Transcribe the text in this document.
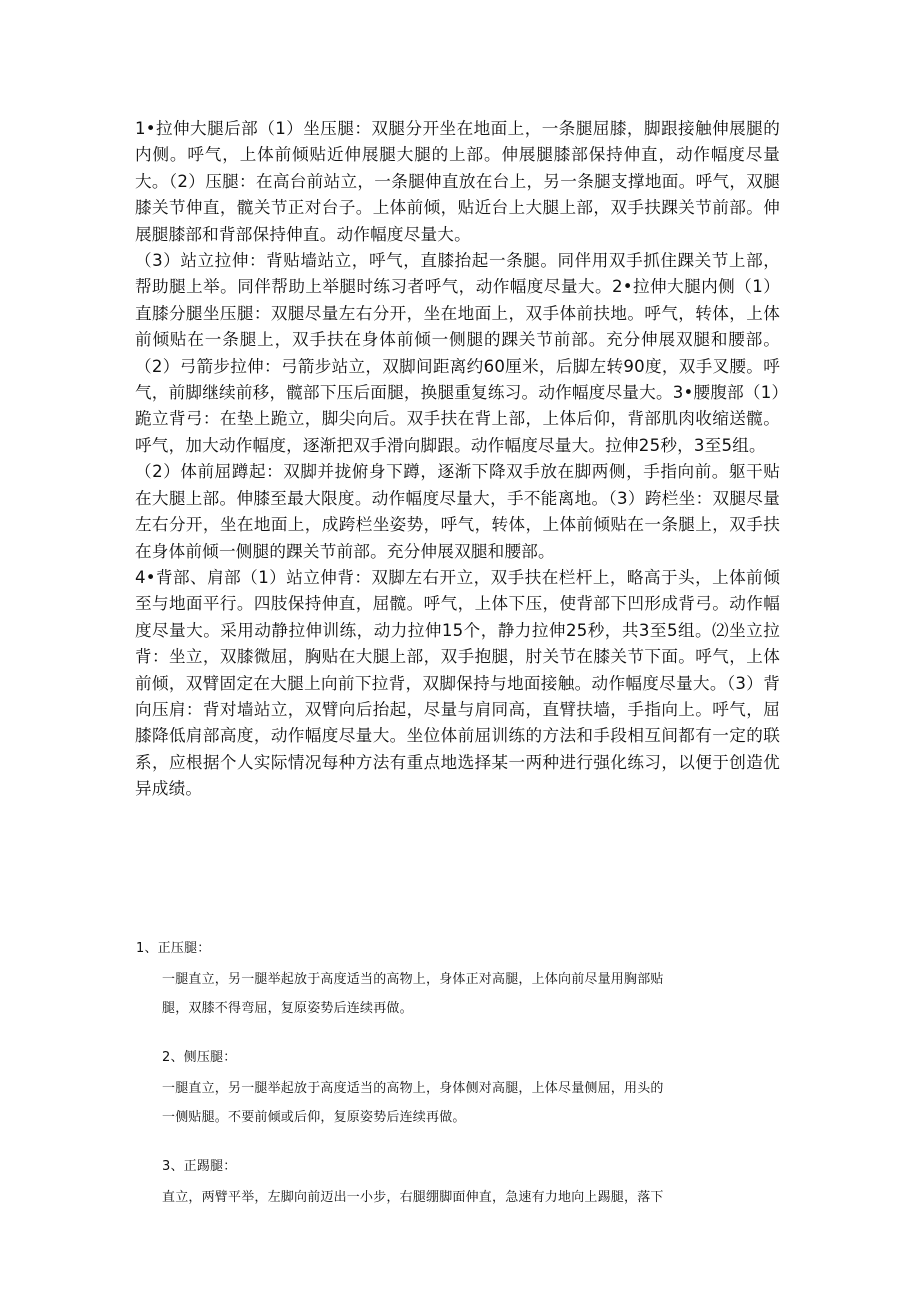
1•拉伸大腿后部（1）坐压腿：双腿分开坐在地面上，一条腿屈膝，脚跟接触伸展腿的内侧。呼气，上体前倾贴近伸展腿大腿的上部。伸展腿膝部保持伸直，动作幅度尽量大。（2）压腿：在高台前站立，一条腿伸直放在台上，另一条腿支撑地面。呼气，双腿膝关节伸直，髋关节正对台子。上体前倾，贴近台上大腿上部，双手扶踝关节前部。伸展腿膝部和背部保持伸直。动作幅度尽量大。

（3）站立拉伸：背贴墙站立，呼气，直膝抬起一条腿。同伴用双手抓住踝关节上部，帮助腿上举。同伴帮助上举腿时练习者呼气，动作幅度尽量大。2•拉伸大腿内侧（1）直膝分腿坐压腿：双腿尽量左右分开，坐在地面上，双手体前扶地。呼气，转体，上体前倾贴在一条腿上，双手扶在身体前倾一侧腿的踝关节前部。充分伸展双腿和腰部。（2）弓箭步拉伸：弓箭步站立，双脚间距离约60厘米，后脚左转90度，双手叉腰。呼气，前脚继续前移，髋部下压后面腿，换腿重复练习。动作幅度尽量大。3•腰腹部（1）跪立背弓：在垫上跪立，脚尖向后。双手扶在背上部，上体后仰，背部肌肉收缩送髋。呼气，加大动作幅度，逐渐把双手滑向脚跟。动作幅度尽量大。拉伸25秒，3至5组。

（2）体前屈蹲起：双脚并拢俯身下蹲，逐渐下降双手放在脚两侧，手指向前。躯干贴在大腿上部。伸膝至最大限度。动作幅度尽量大，手不能离地。（3）跨栏坐：双腿尽量左右分开，坐在地面上，成跨栏坐姿势，呼气，转体，上体前倾贴在一条腿上，双手扶在身体前倾一侧腿的踝关节前部。充分伸展双腿和腰部。

4•背部、肩部（1）站立伸背：双脚左右开立，双手扶在栏杆上，略高于头，上体前倾至与地面平行。四肢保持伸直，屈髋。呼气，上体下压，使背部下凹形成背弓。动作幅度尽量大。采用动静拉伸训练，动力拉伸15个，静力拉伸25秒，共3至5组。⑵坐立拉背：坐立，双膝微屈，胸贴在大腿上部，双手抱腿，肘关节在膝关节下面。呼气，上体前倾，双臂固定在大腿上向前下拉背，双脚保持与地面接触。动作幅度尽量大。（3）背向压肩：背对墙站立，双臂向后抬起，尽量与肩同高，直臂扶墙，手指向上。呼气，屈膝降低肩部高度，动作幅度尽量大。坐位体前屈训练的方法和手段相互间都有一定的联系，应根据个人实际情况每种方法有重点地选择某一两种进行强化练习，以便于创造优异成绩。

1、正压腿：
一腿直立，另一腿举起放于高度适当的高物上，身体正对高腿，上体向前尽量用胸部贴
腿，双膝不得弯屈，复原姿势后连续再做。
2、侧压腿：
一腿直立，另一腿举起放于高度适当的高物上，身体侧对高腿，上体尽量侧屈，用头的
一侧贴腿。不要前倾或后仰，复原姿势后连续再做。
3、正踢腿：
直立，两臂平举，左脚向前迈出一小步，右腿绷脚面伸直，急速有力地向上踢腿，落下
